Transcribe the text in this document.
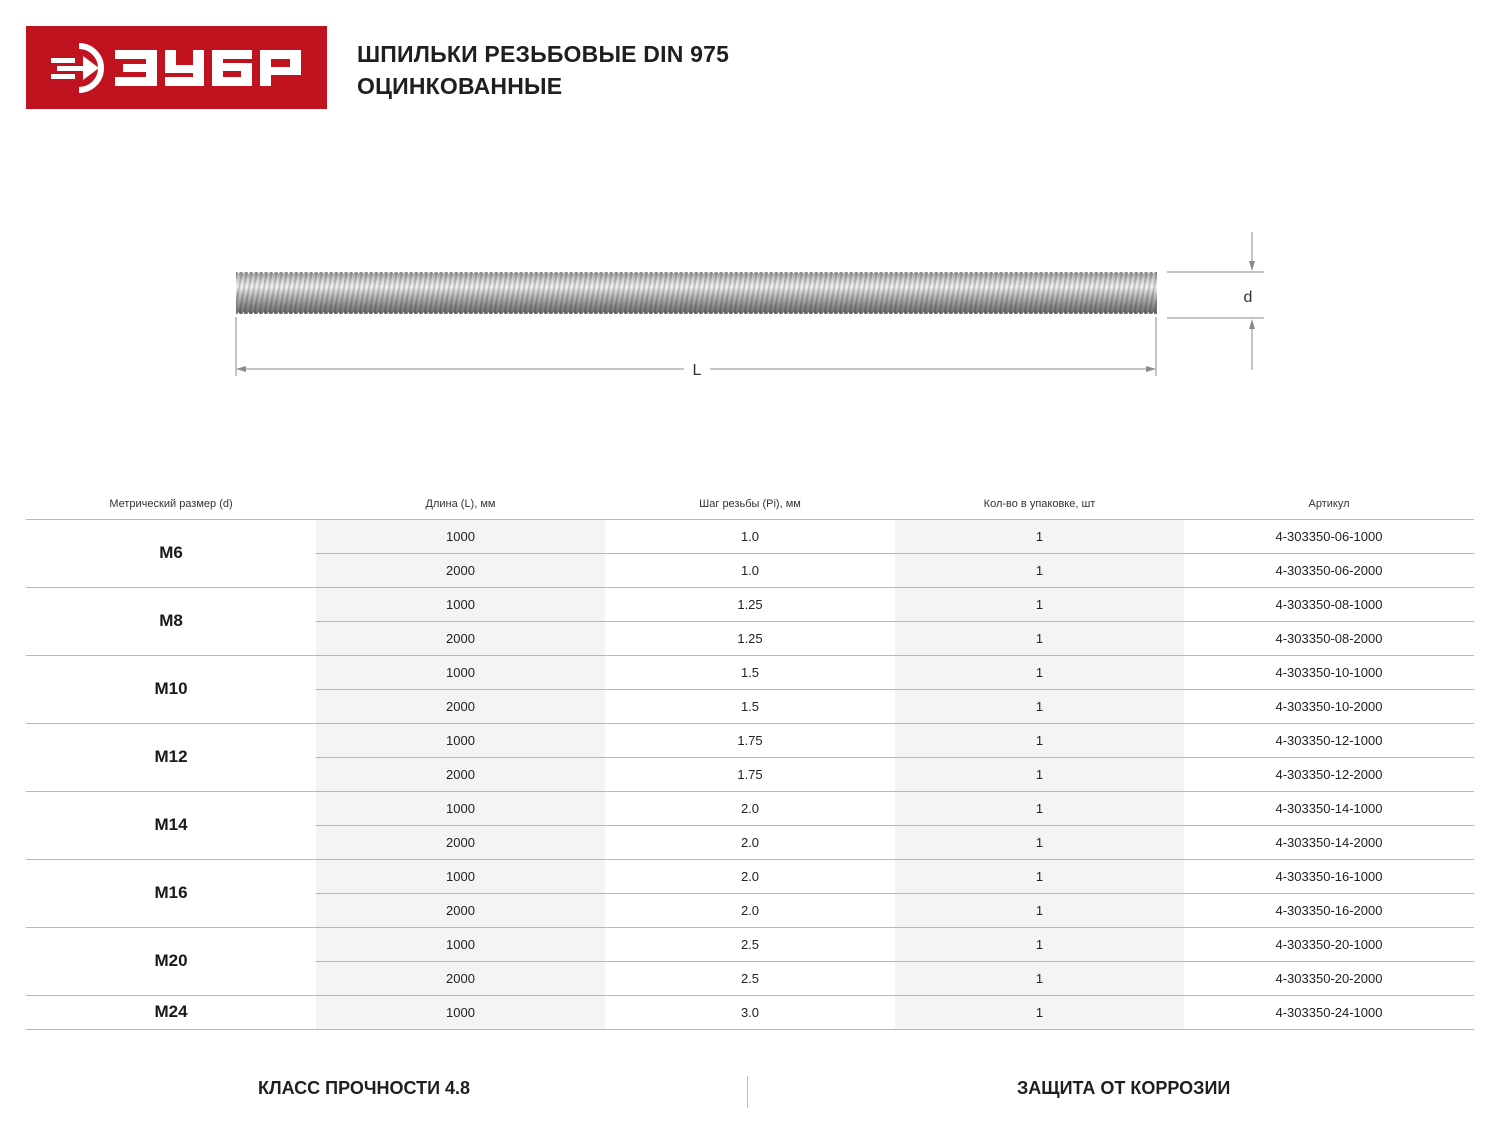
ШПИЛЬКИ РЕЗЬБОВЫЕ DIN 975
ОЦИНКОВАННЫЕ
L
d
Метрический размер (d)	Длина (L), мм	Шаг резьбы (Pi), мм	Кол-во в упаковке, шт	Артикул
M6	1000	1.0	1	4-303350-06-1000
	2000	1.0	1	4-303350-06-2000
M8	1000	1.25	1	4-303350-08-1000
	2000	1.25	1	4-303350-08-2000
M10	1000	1.5	1	4-303350-10-1000
	2000	1.5	1	4-303350-10-2000
M12	1000	1.75	1	4-303350-12-1000
	2000	1.75	1	4-303350-12-2000
M14	1000	2.0	1	4-303350-14-1000
	2000	2.0	1	4-303350-14-2000
M16	1000	2.0	1	4-303350-16-1000
	2000	2.0	1	4-303350-16-2000
M20	1000	2.5	1	4-303350-20-1000
	2000	2.5	1	4-303350-20-2000
M24	1000	3.0	1	4-303350-24-1000
КЛАСС ПРОЧНОСТИ 4.8	ЗАЩИТА ОТ КОРРОЗИИ
